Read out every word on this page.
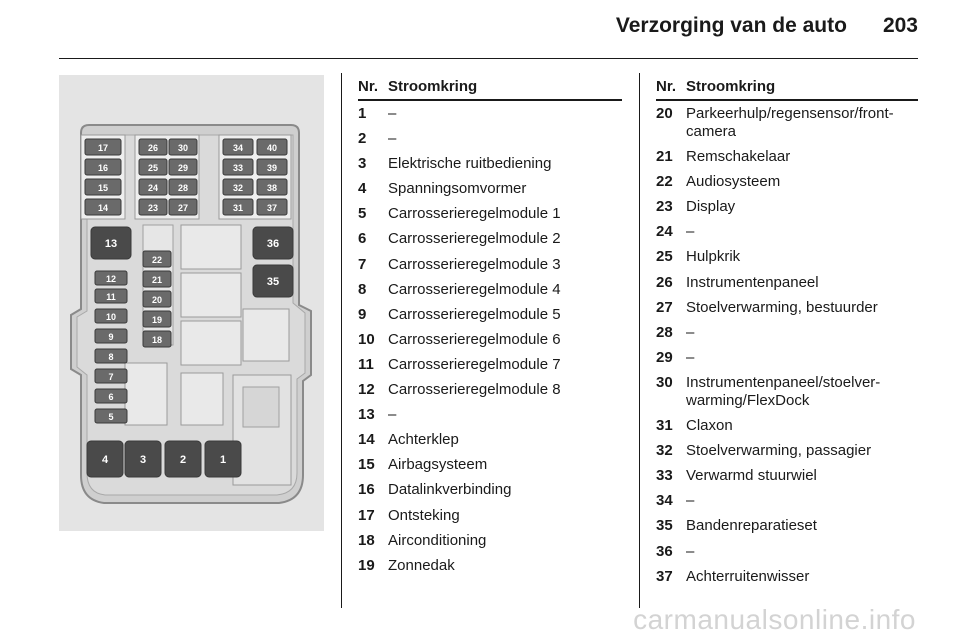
Verzorging van de auto 203
17
16
15
14
26
25
24
23
30
29
28
27
34
33
32
31
40
39
38
37
13	36
35
22
21
20
19
18
12
11
10
9
8
7
6
5
4	3	2	1
Nr. Stroomkring
1	–
2	–
3	Elektrische ruitbediening
4	Spanningsomvormer
5	Carrosserieregelmodule 1
6	Carrosserieregelmodule 2
7	Carrosserieregelmodule 3
8	Carrosserieregelmodule 4
9	Carrosserieregelmodule 5
10 Carrosserieregelmodule 6
11 Carrosserieregelmodule 7
12 Carrosserieregelmodule 8
13 –
14 Achterklep
15 Airbagsysteem
16 Datalinkverbinding
17 Ontsteking
18 Airconditioning
19 Zonnedak
Nr. Stroomkring
20 Parkeerhulp/regensensor/front-camera
21 Remschakelaar
22 Audiosysteem
23 Display
24 –
25 Hulpkrik
26 Instrumentenpaneel
27 Stoelverwarming, bestuurder
28 –
29 –
30 Instrumentenpaneel/stoelver-warming/FlexDock
31 Claxon
32 Stoelverwarming, passagier
33 Verwarmd stuurwiel
34 –
35 Bandenreparatieset
36 –
37 Achterruitenwisser
carmanualsonline.info
